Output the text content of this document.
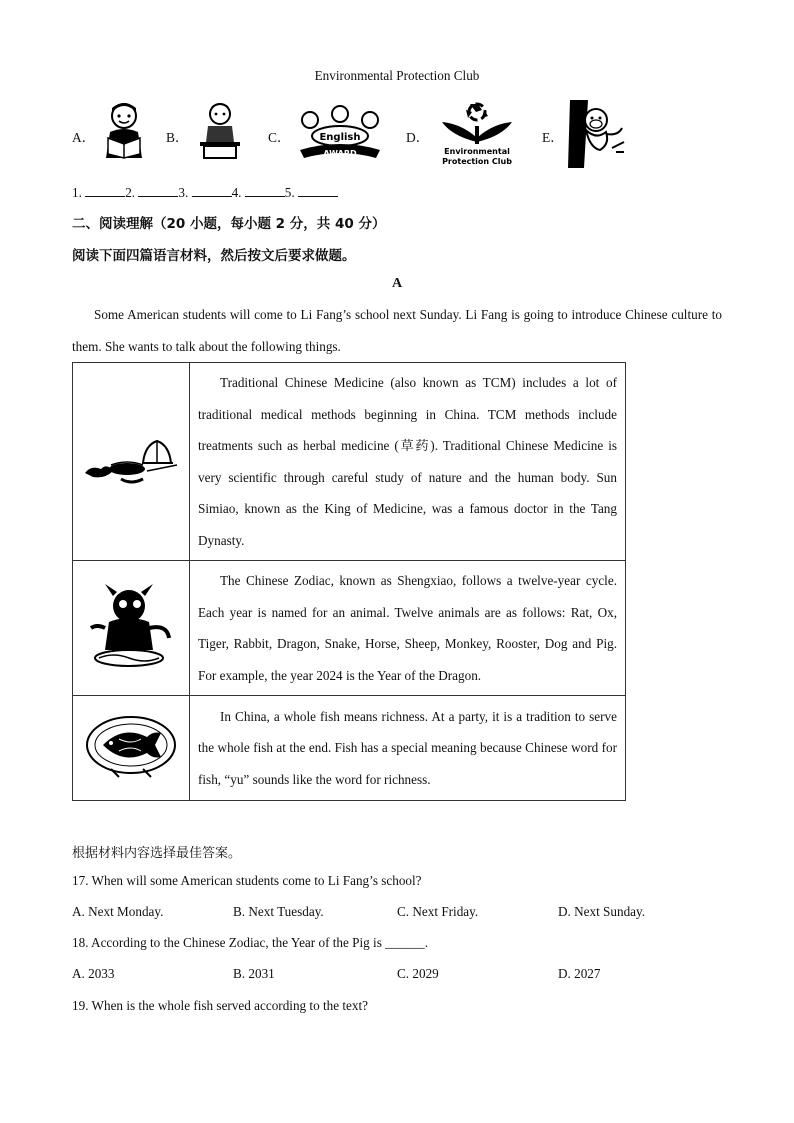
Environmental Protection Club
A．	B．	C．	D．	E．
English
AWARD	Environmental
Protection Club
1.	2.	3.	4.	5.
二、阅读理解（20 小题，每小题 2 分，共 40 分）
阅读下面四篇语言材料，然后按文后要求做题。
A
Some American students will come to Li Fang’s school next Sunday. Li Fang is going to introduce Chinese culture to them. She wants to talk about the following things.
	Traditional Chinese Medicine (also known as TCM) includes a lot of traditional medical methods beginning in China. TCM methods include treatments such as herbal medicine (草药). Traditional Chinese Medicine is very scientific through careful study of nature and the human body. Sun Simiao, known as the King of Medicine, was a famous doctor in the Tang Dynasty.
	The Chinese Zodiac, known as Shengxiao, follows a twelve-year cycle. Each year is named for an animal. Twelve animals are as follows: Rat, Ox, Tiger, Rabbit, Dragon, Snake, Horse, Sheep, Monkey, Rooster, Dog and Pig. For example, the year 2024 is the Year of the Dragon.
	In China, a whole fish means richness. At a party, it is a tradition to serve the whole fish at the end. Fish has a special meaning because Chinese word for fish, “yu” sounds like the word for richness.
根据材料内容选择最佳答案。
17. When will some American students come to Li Fang’s school?
A. Next Monday.	B. Next Tuesday.	C. Next Friday.	D. Next Sunday.
18. According to the Chinese Zodiac, the Year of the Pig is ______.
A. 2033	B. 2031	C. 2029	D. 2027
19. When is the whole fish served according to the text?
